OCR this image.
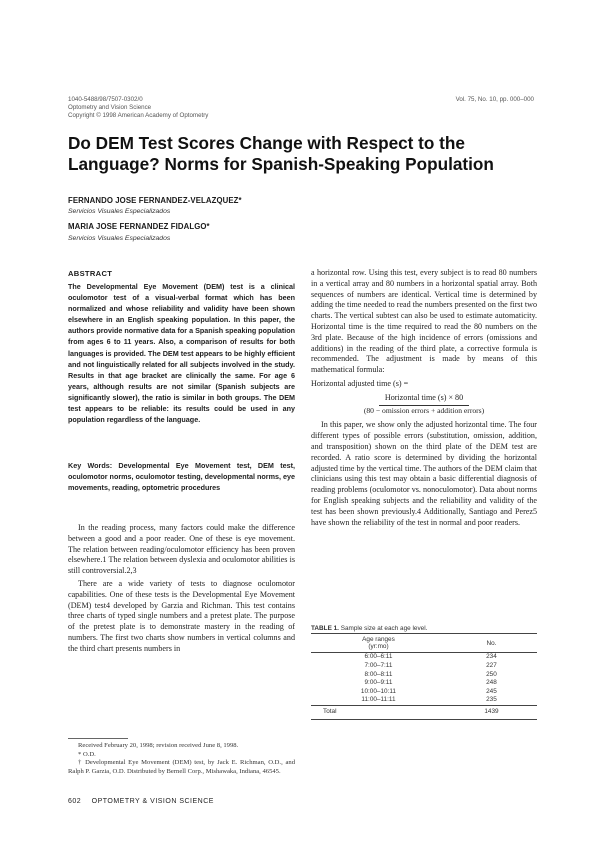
1040-5488/98/7507-0302/0
Optometry and Vision Science
Copyright © 1998 American Academy of Optometry
Vol. 75, No. 10, pp. 000–000
Do DEM Test Scores Change with Respect to the Language? Norms for Spanish-Speaking Population
FERNANDO JOSE FERNANDEZ-VELAZQUEZ*
Servicios Visuales Especializados
MARIA JOSE FERNANDEZ FIDALGO*
Servicios Visuales Especializados
ABSTRACT
The Developmental Eye Movement (DEM) test is a clinical oculomotor test of a visual-verbal format which has been normalized and whose reliability and validity have been shown elsewhere in an English speaking population. In this paper, the authors provide normative data for a Spanish speaking population from ages 6 to 11 years. Also, a comparison of results for both languages is provided. The DEM test appears to be highly efficient and not linguistically related for all subjects involved in the study. Results in that age bracket are clinically the same. For age 6 years, although results are not similar (Spanish subjects are significantly slower), the ratio is similar in both groups. The DEM test appears to be reliable: its results could be used in any population regardless of the language.
Key Words: Developmental Eye Movement test, DEM test, oculomotor norms, oculomotor testing, developmental norms, eye movements, reading, optometric procedures

In the reading process, many factors could make the difference between a good and a poor reader. One of these is eye movement. The relation between reading/oculomotor efficiency has been proven elsewhere.1 The relation between dyslexia and oculomotor abilities is still controversial.2,3

There are a wide variety of tests to diagnose oculomotor capabilities. One of these tests is the Developmental Eye Movement (DEM) test4 developed by Garzia and Richman. This test contains three charts of typed single numbers and a pretest plate. The purpose of the pretest plate is to demonstrate mastery in the reading of numbers. The first two charts show numbers in vertical columns and the third chart presents numbers in

Received February 20, 1998; revision received June 8, 1998.

* O.D.

† Developmental Eye Movement (DEM) test, by Jack E. Richman, O.D., and Ralph P. Garzia, O.D. Distributed by Bernell Corp., Mishawaka, Indiana, 46545.

a horizontal row. Using this test, every subject is to read 80 numbers in a vertical array and 80 numbers in a horizontal spatial array. Both sequences of numbers are identical. Vertical time is determined by adding the time needed to read the numbers presented on the first two charts. The vertical subtest can also be used to estimate automaticity. Horizontal time is the time required to read the 80 numbers on the 3rd plate. Because of the high incidence of errors (omissions and additions) in the reading of the third plate, a corrective formula is recommended. The adjustment is made by means of this mathematical formula:

Horizontal adjusted time (s) =

Horizontal time (s) × 80

(80 − omission errors + addition errors)

In this paper, we show only the adjusted horizontal time. The four different types of possible errors (substitution, omission, addition, and transposition) shown on the third plate of the DEM test are recorded. A ratio score is determined by dividing the horizontal adjusted time by the vertical time. The authors of the DEM claim that clinicians using this test may obtain a basic differential diagnosis of reading problems (oculomotor vs. nonoculomotor). Data about norms for English speaking subjects and the reliability and validity of the test has been shown previously.4 Additionally, Santiago and Perez5 have shown the reliability of the test in normal and poor readers.

TABLE 1. Sample size at each age level.
Age ranges
(yr:mo)	No.
6:00–6:11	234
7:00–7:11	227
8:00–8:11	250
9:00–9:11	248
10:00–10:11	245
11:00–11:11	235
Total	1439
602 OPTOMETRY & VISION SCIENCE
